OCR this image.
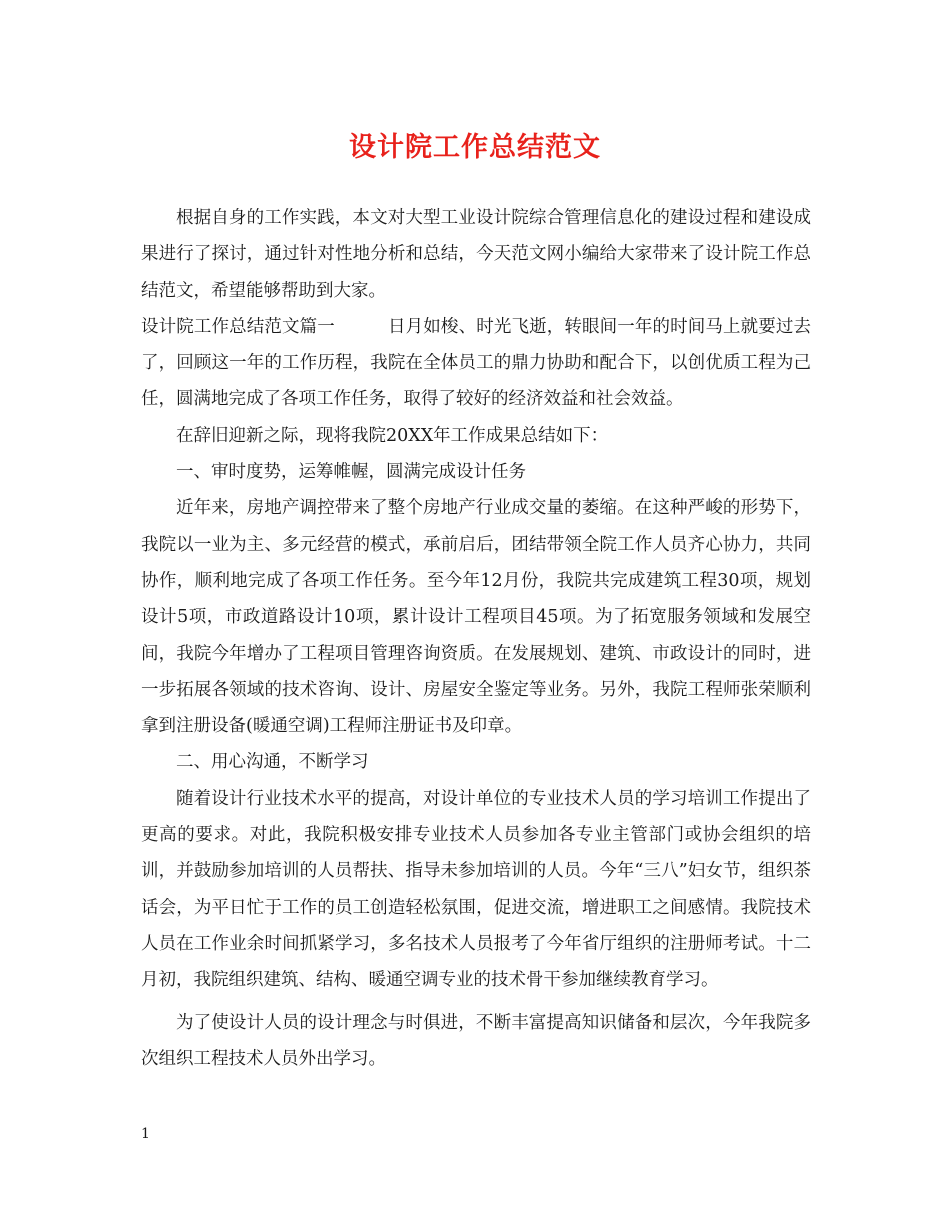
设计院工作总结范文

根据自身的工作实践，本文对大型工业设计院综合管理信息化的建设过程和建设成果进行了探讨，通过针对性地分析和总结，今天范文网小编给大家带来了设计院工作总结范文，希望能够帮助到大家。

设计院工作总结范文篇一	日月如梭、时光飞逝，转眼间一年的时间马上就要过去了，回顾这一年的工作历程，我院在全体员工的鼎力协助和配合下，以创优质工程为己任，圆满地完成了各项工作任务，取得了较好的经济效益和社会效益。

在辞旧迎新之际，现将我院20XX年工作成果总结如下：

一、审时度势，运筹帷幄，圆满完成设计任务

近年来，房地产调控带来了整个房地产行业成交量的萎缩。在这种严峻的形势下，我院以一业为主、多元经营的模式，承前启后，团结带领全院工作人员齐心协力，共同协作，顺利地完成了各项工作任务。至今年12月份，我院共完成建筑工程30项，规划设计5项，市政道路设计10项，累计设计工程项目45项。为了拓宽服务领域和发展空间，我院今年增办了工程项目管理咨询资质。在发展规划、建筑、市政设计的同时，进一步拓展各领域的技术咨询、设计、房屋安全鉴定等业务。另外，我院工程师张荣顺利拿到注册设备(暖通空调)工程师注册证书及印章。

二、用心沟通，不断学习

随着设计行业技术水平的提高，对设计单位的专业技术人员的学习培训工作提出了更高的要求。对此，我院积极安排专业技术人员参加各专业主管部门或协会组织的培训，并鼓励参加培训的人员帮扶、指导未参加培训的人员。今年“三八”妇女节，组织茶话会，为平日忙于工作的员工创造轻松氛围，促进交流，增进职工之间感情。我院技术人员在工作业余时间抓紧学习，多名技术人员报考了今年省厅组织的注册师考试。十二月初，我院组织建筑、结构、暖通空调专业的技术骨干参加继续教育学习。

为了使设计人员的设计理念与时俱进，不断丰富提高知识储备和层次，今年我院多次组织工程技术人员外出学习。

1
